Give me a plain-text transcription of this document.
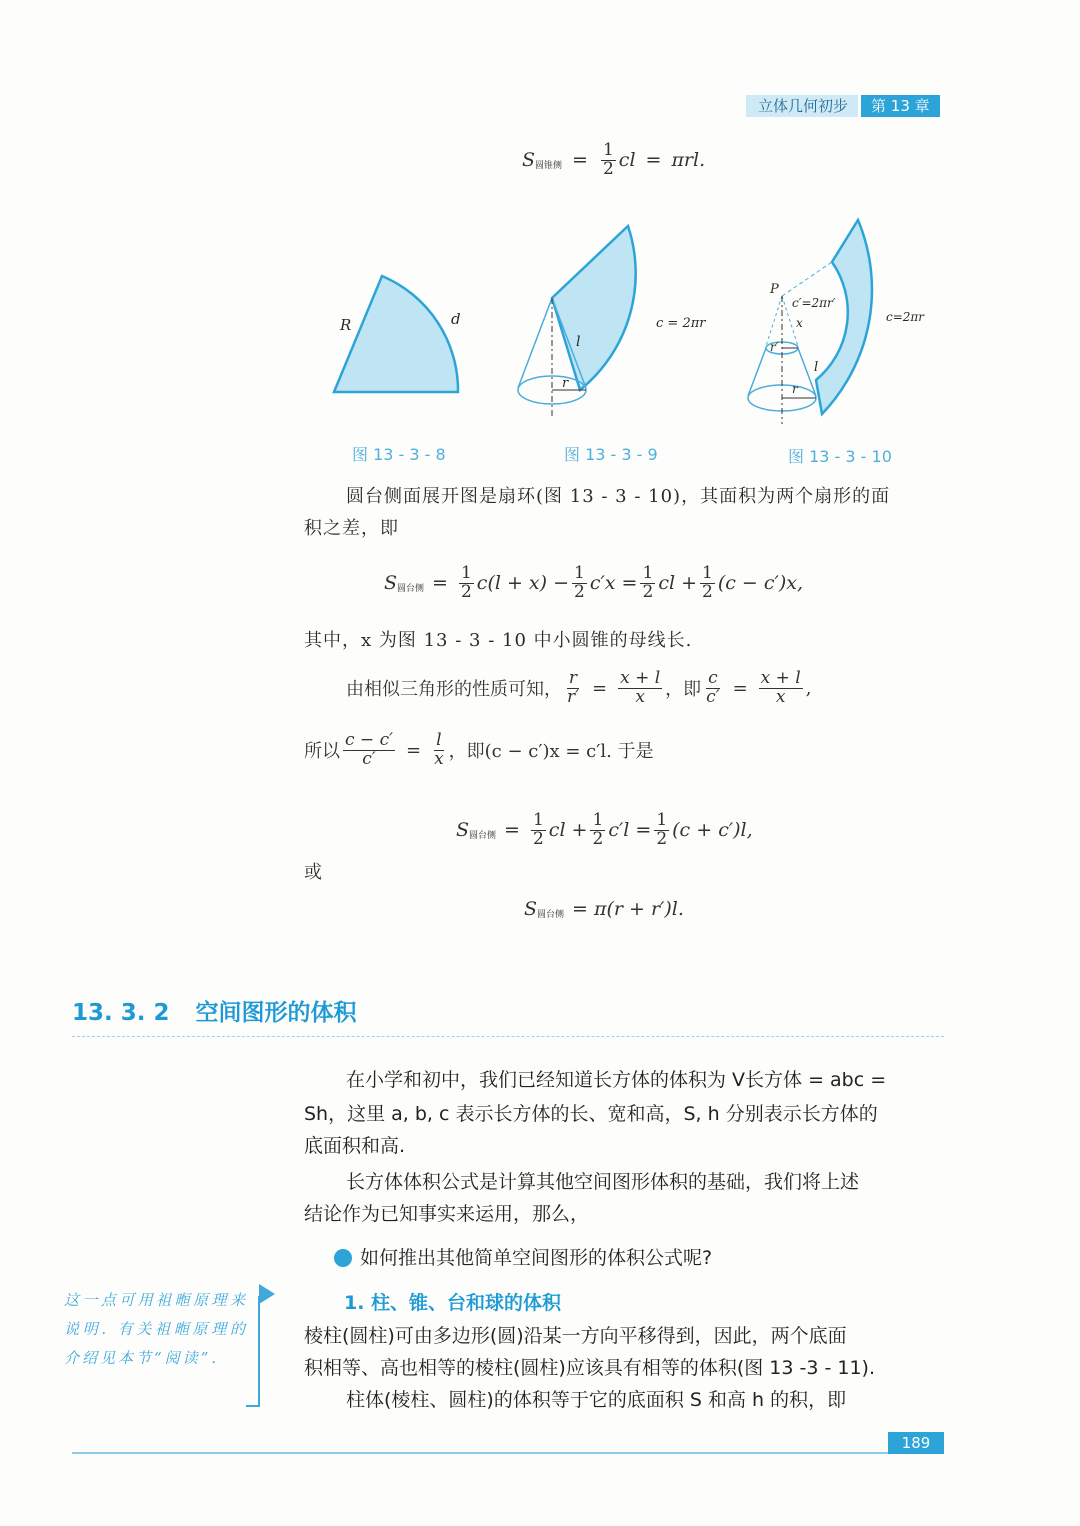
立体几何初步	第 13 章
S 圆锥侧 = $\frac{1}{2}$ cl = πrl.
R	d	c = 2πr
l
r
P
c′=2πr′
x	c=2πr
r′
l
r
图 13 - 3 - 8	图 13 - 3 - 9	图 13 - 3 - 10
圆台侧面展开图是扇环(图 13 - 3 - 10)，其面积为两个扇形的面
积之差，即
S 圆台侧 = $\frac{1}{2} c(l + x) - \frac{1}{2} c'x = \frac{1}{2}$ cl + $\frac{1}{2} (c - c')x$,
其中，x 为图 13 - 3 - 10 中小圆锥的母线长.
由相似三角形的性质可知， $\frac{r}{r'} = \frac{x + l}{x}$ ，即 $\frac{c}{c'} = \frac{x + l}{x}$ ,
所以 $\frac{c - c'}{c'} = \frac{l}{x}$ ，即(c − c′)x = c′l. 于是
S 圆台侧 = $\frac{1}{2}$ cl + $\frac{1}{2} c'l = \frac{1}{2} (c + c')l$,
或
S 圆台侧 = π(r + r′)l.
13. 3. 2 空间图形的体积
在小学和初中，我们已经知道长方体的体积为 V长方体 = abc =
Sh，这里 a, b, c 表示长方体的长、宽和高，S, h 分别表示长方体的
底面积和高.
长方体体积公式是计算其他空间图形体积的基础，我们将上述
结论作为已知事实来运用，那么，
如何推出其他简单空间图形的体积公式呢?
这一点可用祖暅原理来说明. 有关祖暅原理的介绍见本节“阅读”.
1. 柱、锥、台和球的体积
棱柱(圆柱)可由多边形(圆)沿某一方向平移得到，因此，两个底面
积相等、高也相等的棱柱(圆柱)应该具有相等的体积(图 13 -3 - 11).
柱体(棱柱、圆柱)的体积等于它的底面积 S 和高 h 的积，即
189
